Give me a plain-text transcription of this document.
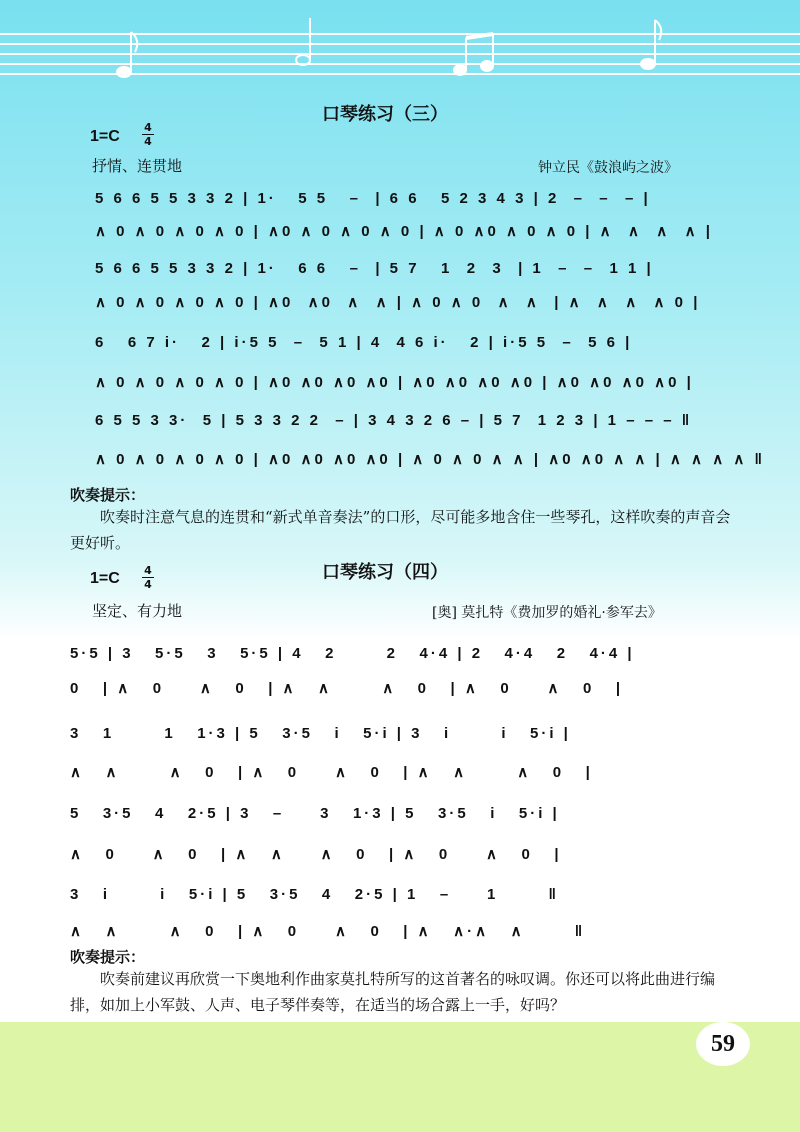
口琴练习（三）
1=C
4
4
抒情、连贯地	钟立民《鼓浪屿之波》
5 6 6 5 5 3 3 2 | 1·   5 5   –  | 6 6   5 2 3 4 3 | 2  –  –  – |
∧ 0 ∧ 0 ∧ 0 ∧ 0 | ∧0 ∧ 0 ∧ 0 ∧ 0 | ∧ 0 ∧0 ∧ 0 ∧ 0 | ∧  ∧  ∧  ∧ |
5 6 6 5 5 3 3 2 | 1·   6 6   –  | 5 7   1  2  3  | 1  –  –  1 1 |
∧ 0 ∧ 0 ∧ 0 ∧ 0 | ∧0  ∧0  ∧  ∧ | ∧ 0 ∧ 0  ∧  ∧  | ∧  ∧  ∧  ∧ 0 |
6   6 7 i·   2 | i·5 5  –  5 1 | 4  4 6 i·   2 | i·5 5  –  5 6 |
∧ 0 ∧ 0 ∧ 0 ∧ 0 | ∧0 ∧0 ∧0 ∧0 | ∧0 ∧0 ∧0 ∧0 | ∧0 ∧0 ∧0 ∧0 |
6 5 5 3 3·  5 | 5 3 3 2 2  – | 3 4 3 2 6 – | 5 7  1 2 3 | 1 – – – ‖
∧ 0 ∧ 0 ∧ 0 ∧ 0 | ∧0 ∧0 ∧0 ∧0 | ∧ 0 ∧ 0 ∧ ∧ | ∧0 ∧0 ∧ ∧ | ∧ ∧ ∧ ∧ ‖
吹奏提示：
吹奏时注意气息的连贯和“新式单音奏法”的口形，尽可能多地含住一些琴孔，这样吹奏的声音会更好听。
口琴练习（四）
1=C 4
4
坚定、有力地	[奥] 莫扎特《费加罗的婚礼·参军去》
5·5 | 3   5·5   3   5·5 | 4   2       2   4·4 | 2   4·4   2   4·4 |
0   | ∧   0     ∧   0   | ∧   ∧       ∧   0   | ∧   0     ∧   0   |
3   1       1   1·3 | 5   3·5   i   5·i | 3   i       i   5·i |
∧   ∧       ∧   0   | ∧   0     ∧   0   | ∧   ∧       ∧   0   |
5   3·5   4   2·5 | 3   –     3   1·3 | 5   3·5   i   5·i |
∧   0     ∧   0   | ∧   ∧     ∧   0   | ∧   0     ∧   0   |
3   i       i   5·i | 5   3·5   4   2·5 | 1   –     1       ‖
∧   ∧       ∧   0   | ∧   0     ∧   0   | ∧   ∧·∧   ∧       ‖
吹奏提示：
吹奏前建议再欣赏一下奥地利作曲家莫扎特所写的这首著名的咏叹调。你还可以将此曲进行编排，如加上小军鼓、人声、电子琴伴奏等，在适当的场合露上一手，好吗？
59
